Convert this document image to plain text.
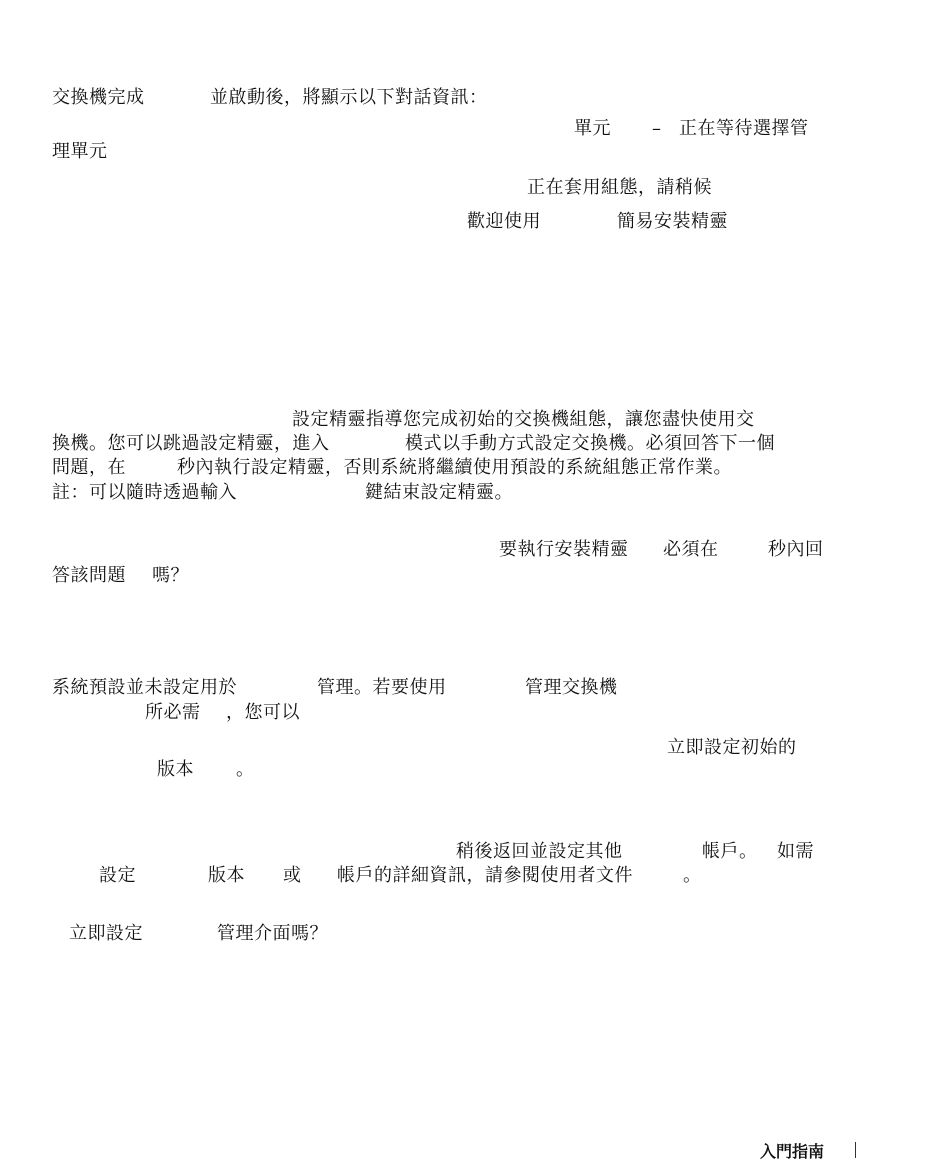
交換機完成	並啟動後，將顯示以下對話資訊：
單元 – 正在等待選擇管
理單元
正在套用組態，請稍候
歡迎使用	簡易安裝精靈
設定精靈指導您完成初始的交換機組態，讓您盡快使用交
換機。您可以跳過設定精靈，進入	模式以手動方式設定交換機。必須回答下一個
問題，在	秒內執行設定精靈，否則系統將繼續使用預設的系統組態正常作業。
註：可以隨時透過輸入	鍵結束設定精靈。
要執行安裝精靈 必須在	秒內回
答該問題 嗎？
系統預設並未設定用於	管理。若要使用	管理交換機
所必需 ，您可以
立即設定初始的
版本 。
稍後返回並設定其他	帳戶。 如需
設定	版本 或 帳戶的詳細資訊，請參閱使用者文件	。
立即設定	管理介面嗎？
入門指南
